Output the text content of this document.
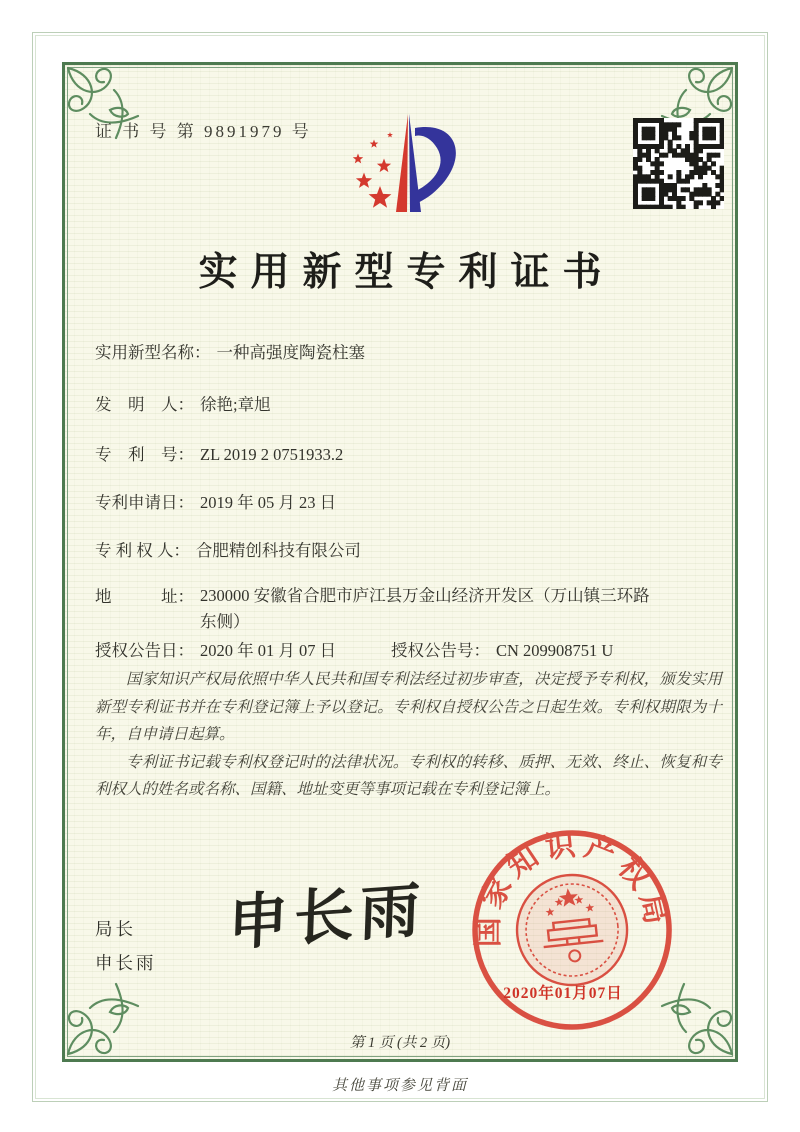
证 书 号 第 9891979 号
实用新型专利证书
实用新型名称： 一种高强度陶瓷柱塞
发　明　人： 徐艳;章旭
专　利　号： ZL 2019 2 0751933.2
专利申请日： 2019 年 05 月 23 日
专 利 权 人： 合肥精创科技有限公司
地　　　址： 230000 安徽省合肥市庐江县万金山经济开发区（万山镇三环路东侧）
授权公告日： 2020 年 01 月 07 日	授权公告号： CN 209908751 U

国家知识产权局依照中华人民共和国专利法经过初步审查，决定授予专利权，颁发实用新型专利证书并在专利登记簿上予以登记。专利权自授权公告之日起生效。专利权期限为十年，自申请日起算。

专利证书记载专利权登记时的法律状况。专利权的转移、质押、无效、终止、恢复和专利权人的姓名或名称、国籍、地址变更等事项记载在专利登记簿上。

局长
申长雨
申长雨	国家知识产权局
2020年01月07日
第 1 页 (共 2 页)
其他事项参见背面
